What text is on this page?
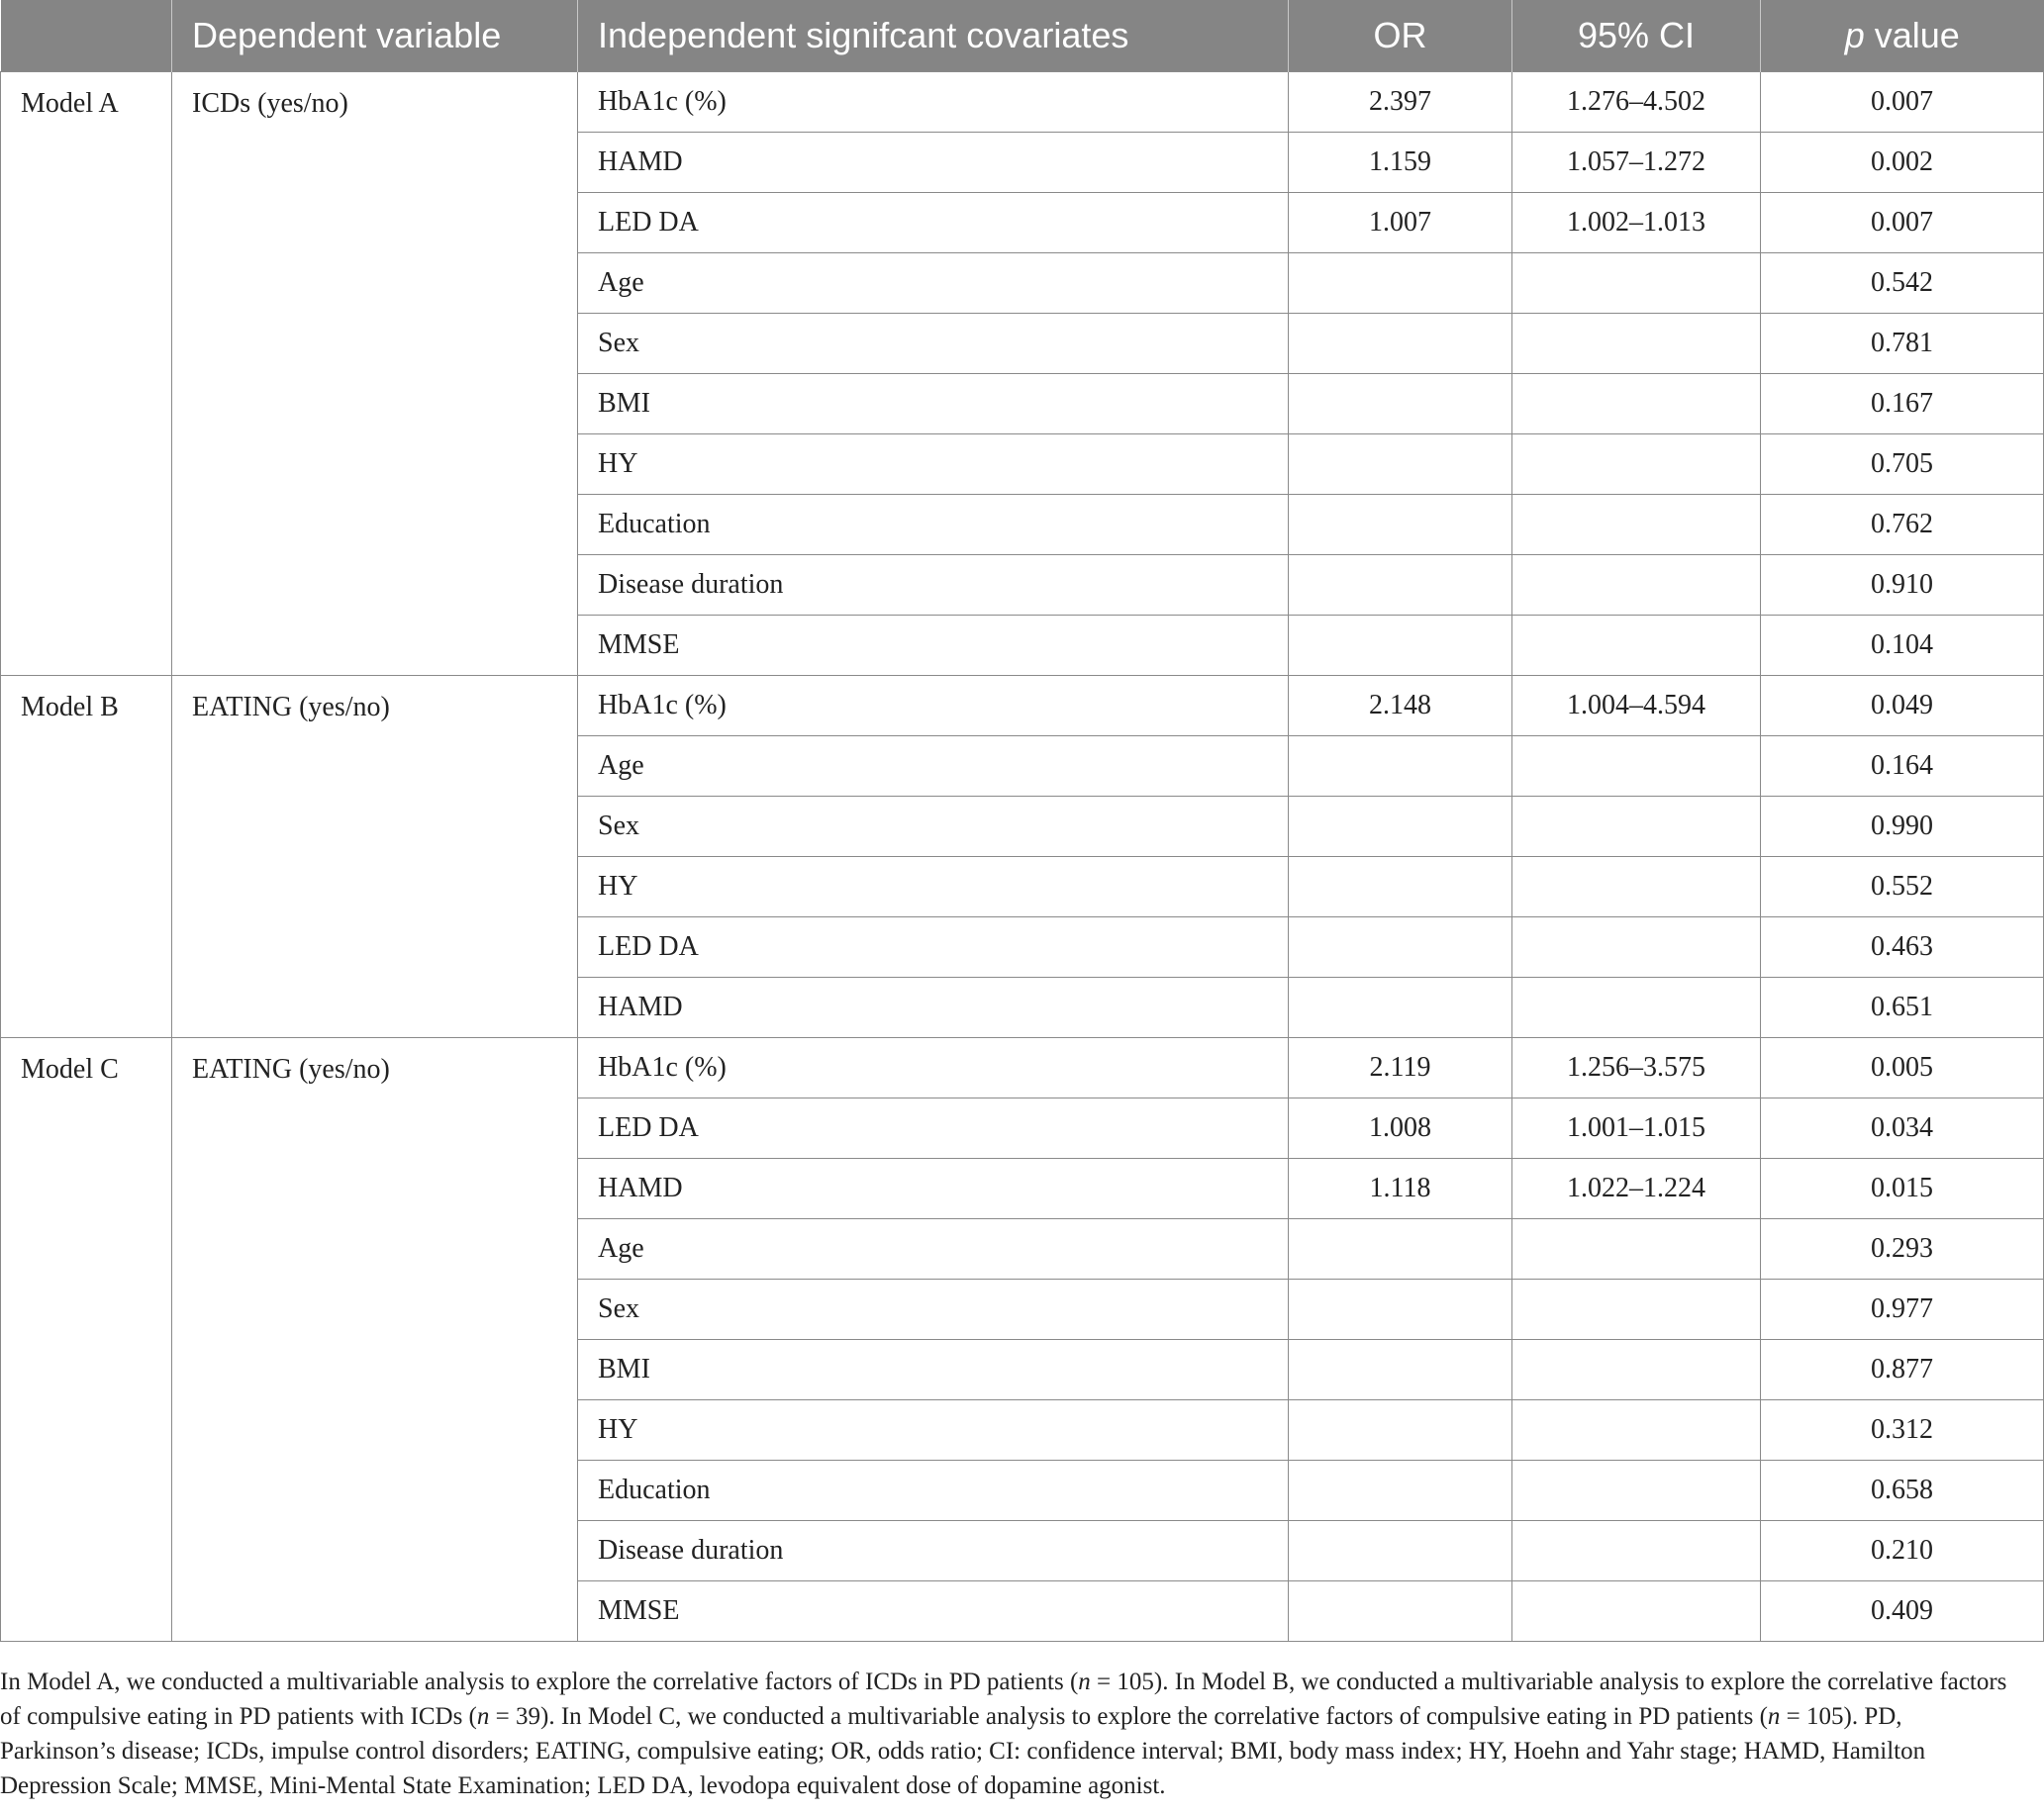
	Dependent variable	Independent signifcant covariates	OR	95% CI	p value
Model A	ICDs (yes/no)	HbA1c (%)	2.397	1.276–4.502	0.007
		HAMD	1.159	1.057–1.272	0.002
		LED DA	1.007	1.002–1.013	0.007
		Age			0.542
		Sex			0.781
		BMI			0.167
		HY			0.705
		Education			0.762
		Disease duration			0.910
		MMSE			0.104
Model B	EATING (yes/no)	HbA1c (%)	2.148	1.004–4.594	0.049
		Age			0.164
		Sex			0.990
		HY			0.552
		LED DA			0.463
		HAMD			0.651
Model C	EATING (yes/no)	HbA1c (%)	2.119	1.256–3.575	0.005
		LED DA	1.008	1.001–1.015	0.034
		HAMD	1.118	1.022–1.224	0.015
		Age			0.293
		Sex			0.977
		BMI			0.877
		HY			0.312
		Education			0.658
		Disease duration			0.210
		MMSE			0.409
In Model A, we conducted a multivariable analysis to explore the correlative factors of ICDs in PD patients (n = 105). In Model B, we conducted a multivariable analysis to explore the correlative factors of compulsive eating in PD patients with ICDs (n = 39). In Model C, we conducted a multivariable analysis to explore the correlative factors of compulsive eating in PD patients (n = 105). PD, Parkinson’s disease; ICDs, impulse control disorders; EATING, compulsive eating; OR, odds ratio; CI: confidence interval; BMI, body mass index; HY, Hoehn and Yahr stage; HAMD, Hamilton Depression Scale; MMSE, Mini-Mental State Examination; LED DA, levodopa equivalent dose of dopamine agonist.
